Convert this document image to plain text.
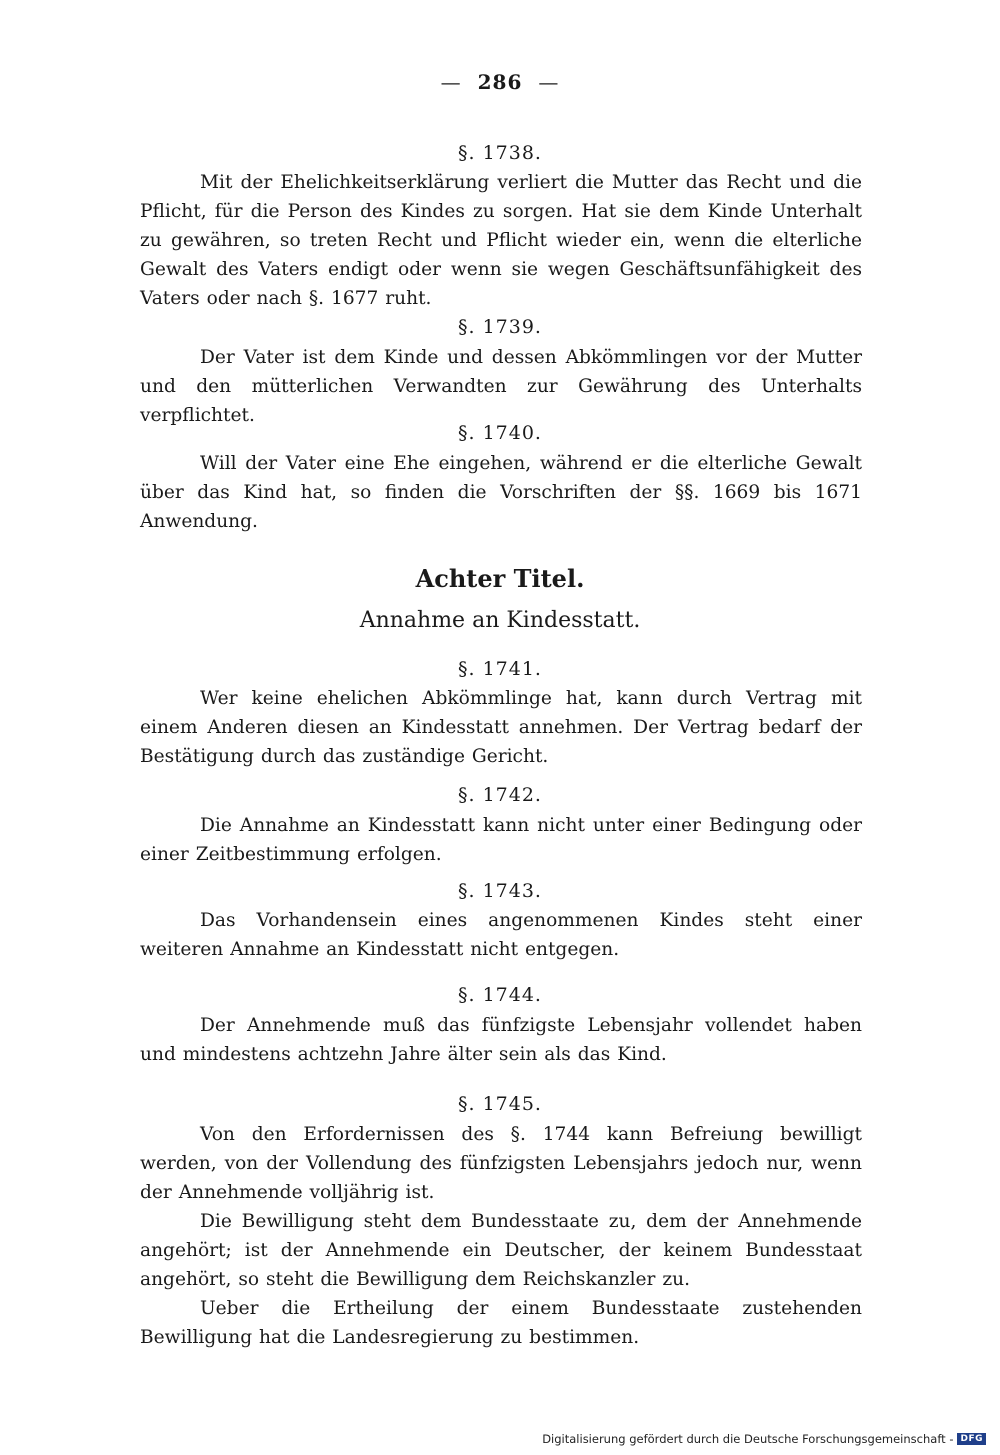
— 286 —
§. 1738.
Mit der Ehelichkeitserklärung verliert die Mutter das Recht und die Pflicht, für die Person des Kindes zu sorgen. Hat sie dem Kinde Unterhalt zu gewähren, so treten Recht und Pflicht wieder ein, wenn die elterliche Gewalt des Vaters endigt oder wenn sie wegen Geschäftsunfähigkeit des Vaters oder nach §. 1677 ruht.
§. 1739.
Der Vater ist dem Kinde und dessen Abkömmlingen vor der Mutter und den mütterlichen Verwandten zur Gewährung des Unterhalts verpflichtet.
§. 1740.
Will der Vater eine Ehe eingehen, während er die elterliche Gewalt über das Kind hat, so finden die Vorschriften der §§. 1669 bis 1671 Anwendung.
Achter Titel.
Annahme an Kindesstatt.
§. 1741.
Wer keine ehelichen Abkömmlinge hat, kann durch Vertrag mit einem Anderen diesen an Kindesstatt annehmen. Der Vertrag bedarf der Bestätigung durch das zuständige Gericht.
§. 1742.
Die Annahme an Kindesstatt kann nicht unter einer Bedingung oder einer Zeitbestimmung erfolgen.
§. 1743.
Das Vorhandensein eines angenommenen Kindes steht einer weiteren Annahme an Kindesstatt nicht entgegen.
§. 1744.
Der Annehmende muß das fünfzigste Lebensjahr vollendet haben und mindestens achtzehn Jahre älter sein als das Kind.
§. 1745.
Von den Erfordernissen des §. 1744 kann Befreiung bewilligt werden, von der Vollendung des fünfzigsten Lebensjahrs jedoch nur, wenn der Annehmende volljährig ist.
Die Bewilligung steht dem Bundesstaate zu, dem der Annehmende angehört; ist der Annehmende ein Deutscher, der keinem Bundesstaat angehört, so steht die Bewilligung dem Reichskanzler zu.
Ueber die Ertheilung der einem Bundesstaate zustehenden Bewilligung hat die Landesregierung zu bestimmen.
Digitalisierung gefördert durch die Deutsche Forschungsgemeinschaft - DFG
